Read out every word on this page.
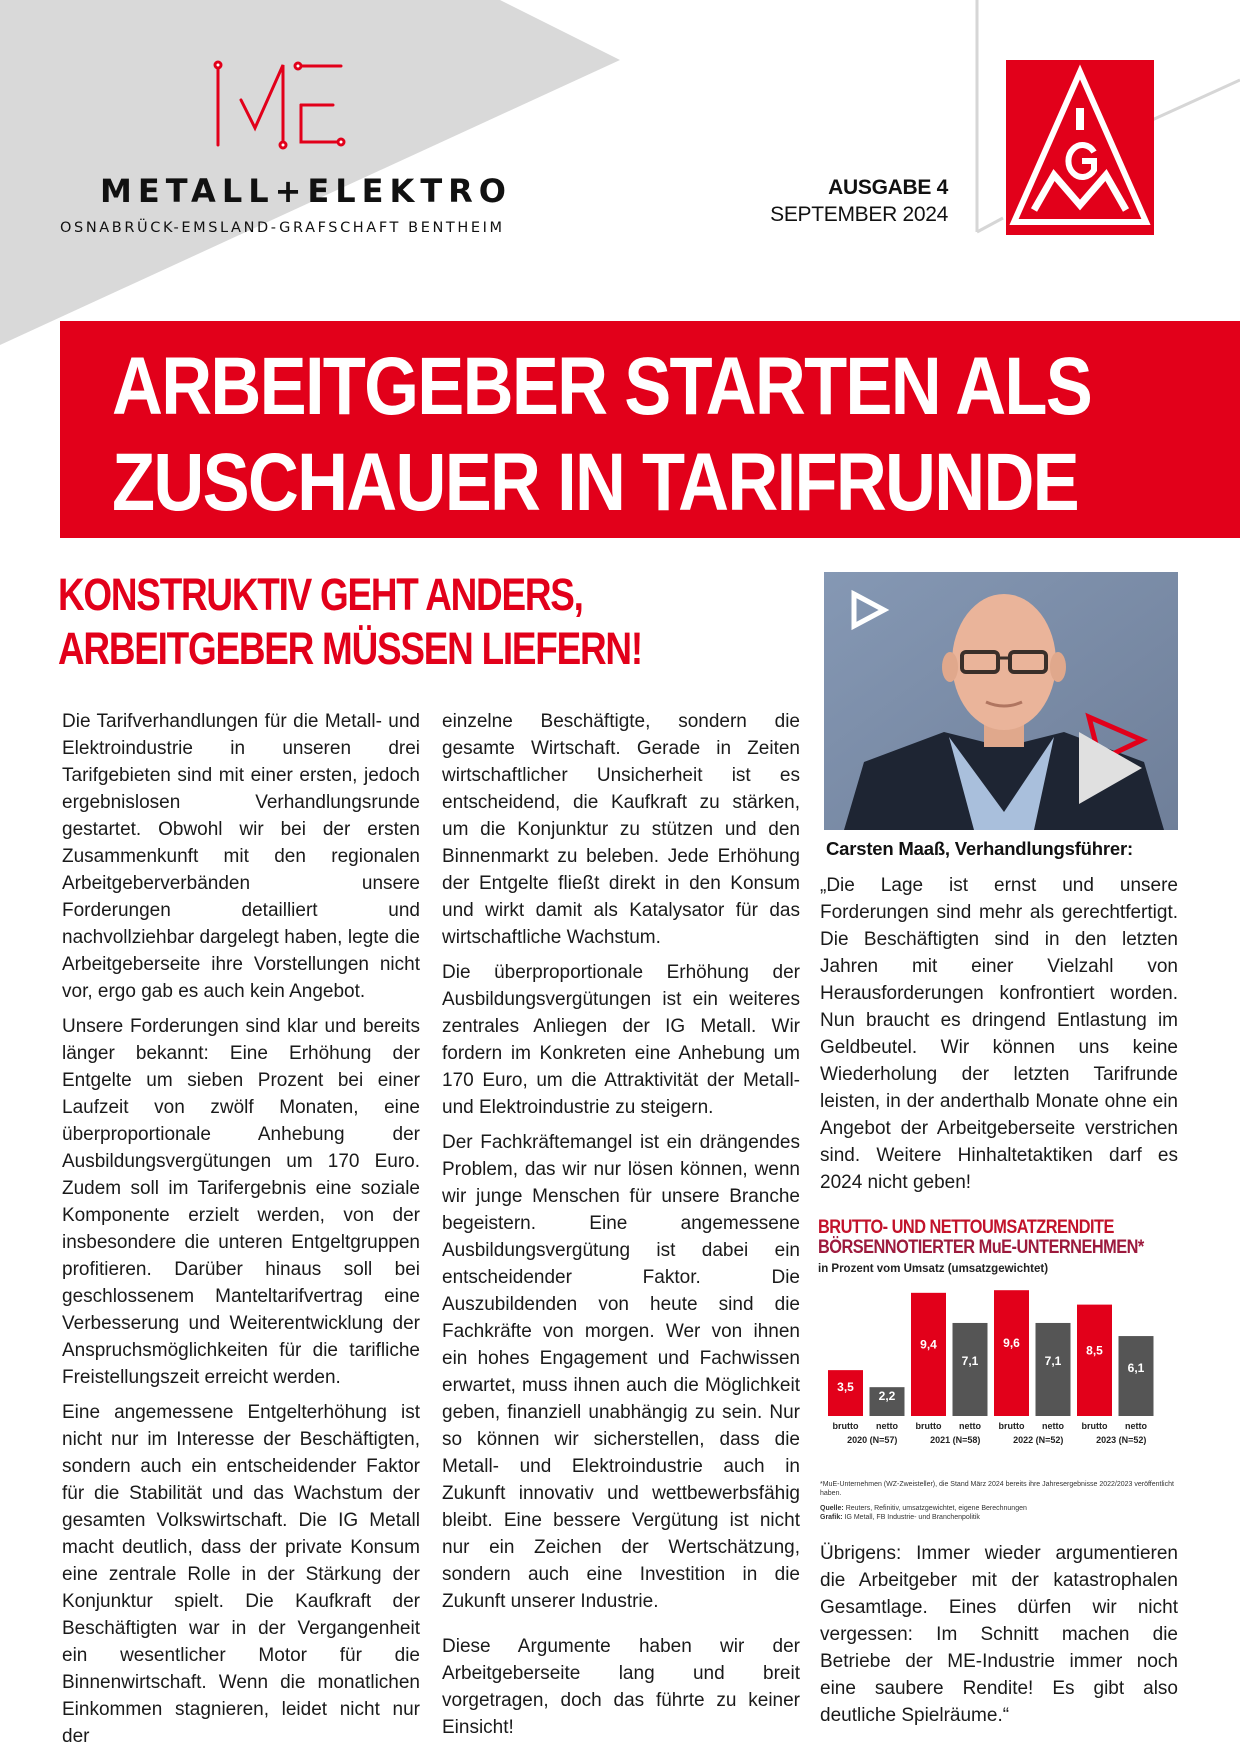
METALL+ELEKTRO
OSNABRÜCK-EMSLAND-GRAFSCHAFT BENTHEIM
AUSGABE 4
SEPTEMBER 2024
ARBEITGEBER STARTEN ALS
ZUSCHAUER IN TARIFRUNDE
KONSTRUKTIV GEHT ANDERS,
ARBEITGEBER MÜSSEN LIEFERN!

Die Tarifverhandlungen für die Metall- und Elektroindustrie in unseren drei Tarifgebieten sind mit einer ersten, jedoch ergebnislosen Verhandlungsrunde gestartet. Obwohl wir bei der ersten Zusammenkunft mit den regionalen Arbeitgeberverbänden unsere Forderungen detailliert und nachvollziehbar dargelegt haben, legte die Arbeitgeberseite ihre Vorstellungen nicht vor, ergo gab es auch kein Angebot.

Unsere Forderungen sind klar und bereits länger bekannt: Eine Erhöhung der Entgelte um sieben Prozent bei einer Laufzeit von zwölf Monaten, eine überproportionale Anhebung der Ausbildungsvergütungen um 170 Euro. Zudem soll im Tarifergebnis eine soziale Komponente erzielt werden, von der insbesondere die unteren Entgeltgruppen profitieren. Darüber hinaus soll bei geschlossenem Manteltarifvertrag eine Verbesserung und Weiterentwicklung der Anspruchsmöglichkeiten für die tarifliche Freistellungszeit erreicht werden.

Eine angemessene Entgelterhöhung ist nicht nur im Interesse der Beschäftigten, sondern auch ein entscheidender Faktor für die Stabilität und das Wachstum der gesamten Volkswirtschaft. Die IG Metall macht deutlich, dass der private Konsum eine zentrale Rolle in der Stärkung der Konjunktur spielt. Die Kaufkraft der Beschäftigten war in der Vergangenheit ein wesentlicher Motor für die Binnenwirtschaft. Wenn die monatlichen Einkommen stagnieren, leidet nicht nur der

einzelne Beschäftigte, sondern die gesamte Wirtschaft. Gerade in Zeiten wirtschaftlicher Unsicherheit ist es entscheidend, die Kaufkraft zu stärken, um die Konjunktur zu stützen und den Binnenmarkt zu beleben. Jede Erhöhung der Entgelte fließt direkt in den Konsum und wirkt damit als Katalysator für das wirtschaftliche Wachstum.

Die überproportionale Erhöhung der Ausbildungsvergütungen ist ein weiteres zentrales Anliegen der IG Metall. Wir fordern im Konkreten eine Anhebung um 170 Euro, um die Attraktivität der Metall- und Elektroindustrie zu steigern.

Der Fachkräftemangel ist ein drängendes Problem, das wir nur lösen können, wenn wir junge Menschen für unsere Branche begeistern. Eine angemessene Ausbildungsvergütung ist dabei ein entscheidender Faktor. Die Auszubildenden von heute sind die Fachkräfte von morgen. Wer von ihnen ein hohes Engagement und Fachwissen erwartet, muss ihnen auch die Möglichkeit geben, finanziell unabhängig zu sein. Nur so können wir sicherstellen, dass die Metall- und Elektroindustrie auch in Zukunft innovativ und wettbewerbsfähig bleibt. Eine bessere Vergütung ist nicht nur ein Zeichen der Wertschätzung, sondern auch eine Investition in die Zukunft unserer Industrie.

Diese Argumente haben wir der Arbeitgeberseite lang und breit vorgetragen, doch das führte zu keiner Einsicht!

Carsten Maaß, Verhandlungsführer:
„Die Lage ist ernst und unsere Forderungen sind mehr als gerechtfertigt. Die Beschäftigten sind in den letzten Jahren mit einer Vielzahl von Herausforderungen konfrontiert worden. Nun braucht es dringend Entlastung im Geldbeutel. Wir können uns keine Wiederholung der letzten Tarifrunde leisten, in der anderthalb Monate ohne ein Angebot der Arbeitgeberseite verstrichen sind. Weitere Hinhaltetaktiken darf es 2024 nicht geben!
BRUTTO- UND NETTOUMSATZRENDITE
BÖRSENNOTIERTER MuE-UNTERNEHMEN*
in Prozent vom Umsatz (umsatzgewichtet)
3,5
brutto
2,2
netto
2020 (N=57)
9,4
brutto
7,1
netto
2021 (N=58)
9,6
brutto
7,1
netto
2022 (N=52)
8,5
brutto
6,1
netto
2023 (N=52)
*MuE-Unternehmen (WZ-Zweisteller), die Stand März 2024 bereits ihre Jahresergebnisse 2022/2023 veröffentlicht haben.
Quelle: Reuters, Refinitiv, umsatzgewichtet, eigene Berechnungen
Grafik: IG Metall, FB Industrie- und Branchenpolitik
Übrigens: Immer wieder argumentieren die Arbeitgeber mit der katastrophalen Gesamtlage. Eines dürfen wir nicht vergessen: Im Schnitt machen die Betriebe der ME-Industrie immer noch eine saubere Rendite! Es gibt also deutliche Spielräume.“
